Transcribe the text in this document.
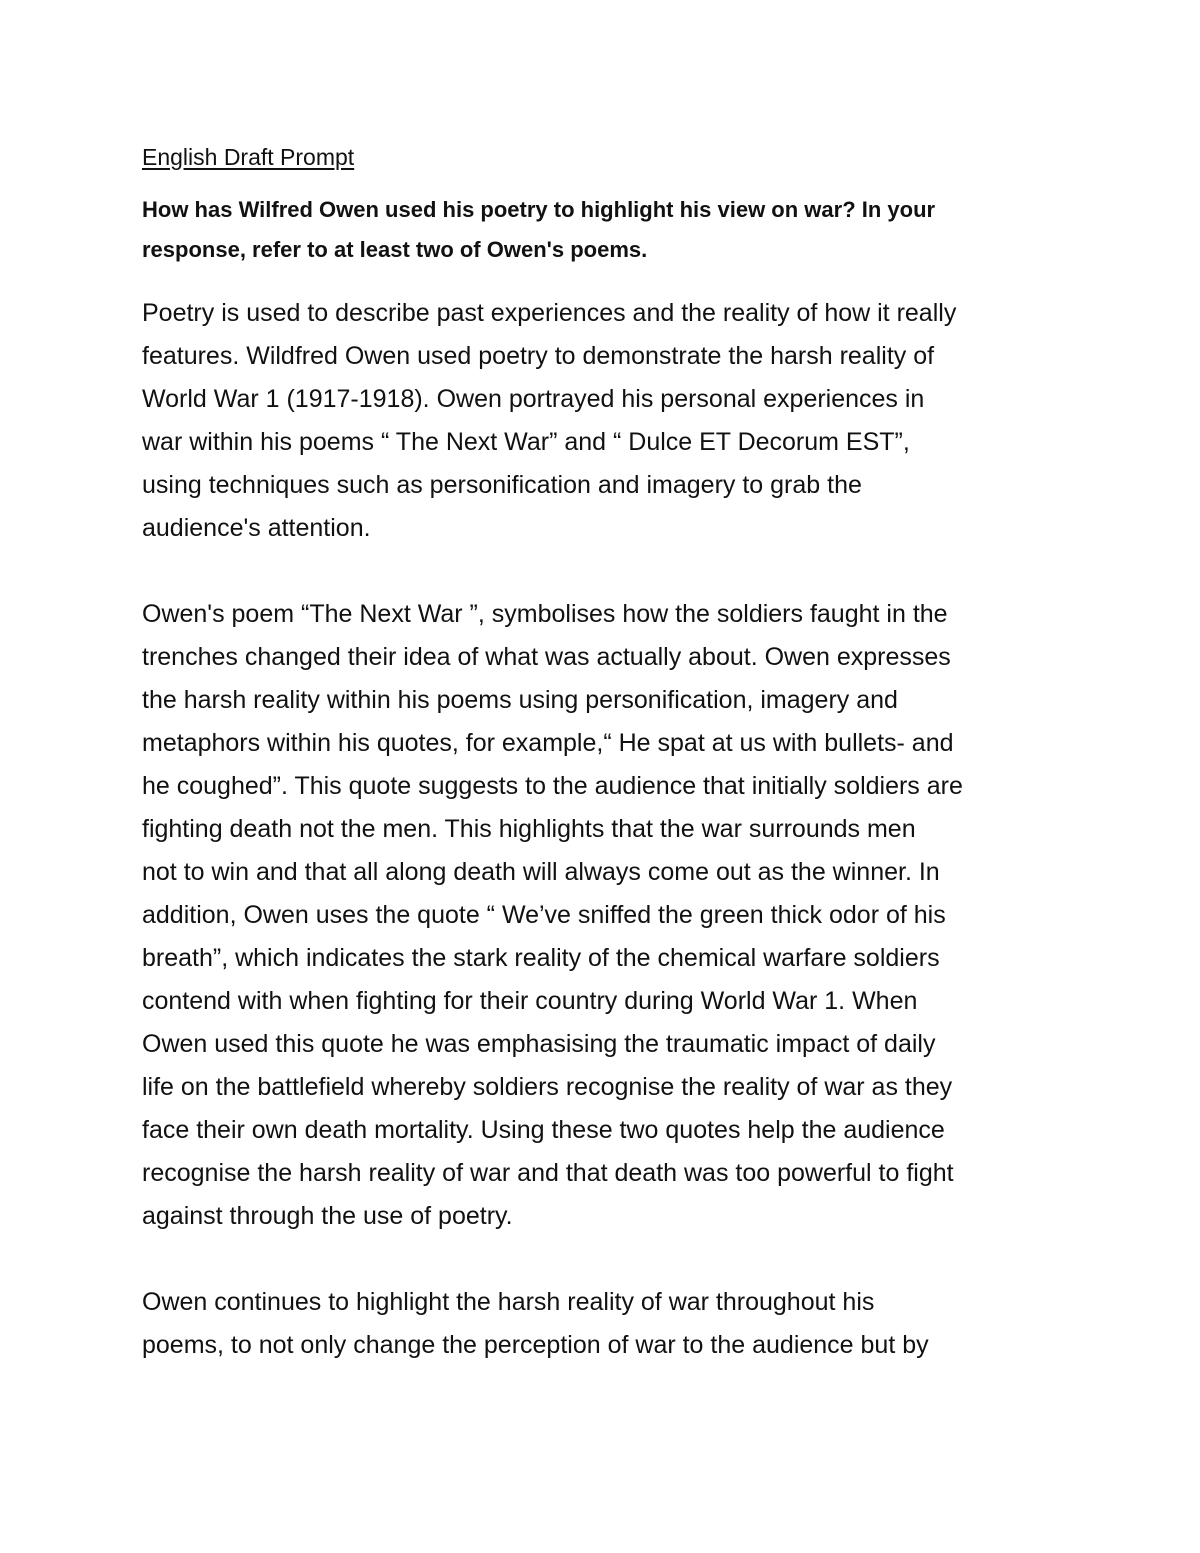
English Draft Prompt

How has Wilfred Owen used his poetry to highlight his view on war? In your
response, refer to at least two of Owen's poems.

Poetry is used to describe past experiences and the reality of how it really
features. Wildfred Owen used poetry to demonstrate the harsh reality of
World War 1 (1917-1918). Owen portrayed his personal experiences in
war within his poems “ The Next War” and “ Dulce ET Decorum EST”,
using techniques such as personification and imagery to grab the
audience's attention.

Owen's poem “The Next War ”, symbolises how the soldiers faught in the
trenches changed their idea of what was actually about. Owen expresses
the harsh reality within his poems using personification, imagery and
metaphors within his quotes, for example,“ He spat at us with bullets- and
he coughed”. This quote suggests to the audience that initially soldiers are
fighting death not the men. This highlights that the war surrounds men
not to win and that all along death will always come out as the winner. In
addition, Owen uses the quote “ We’ve sniffed the green thick odor of his
breath”, which indicates the stark reality of the chemical warfare soldiers
contend with when fighting for their country during World War 1. When
Owen used this quote he was emphasising the traumatic impact of daily
life on the battlefield whereby soldiers recognise the reality of war as they
face their own death mortality. Using these two quotes help the audience
recognise the harsh reality of war and that death was too powerful to fight
against through the use of poetry.

Owen continues to highlight the harsh reality of war throughout his
poems, to not only change the perception of war to the audience but by
